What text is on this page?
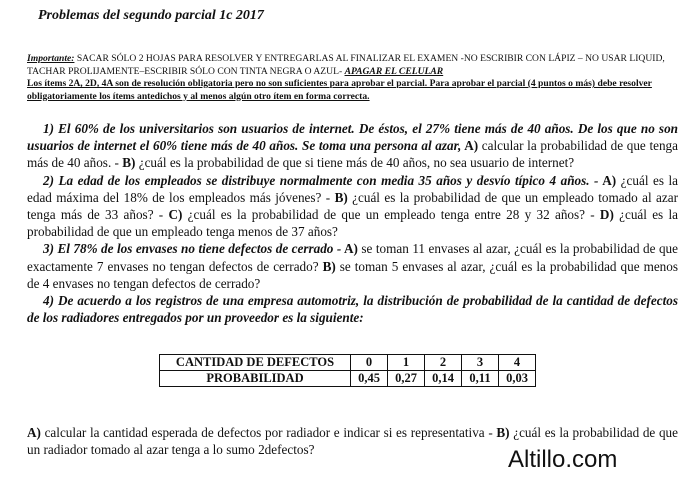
Problemas del segundo parcial 1c 2017
Importante: SACAR SÓLO 2 HOJAS PARA RESOLVER Y ENTREGARLAS AL FINALIZAR EL EXAMEN -NO ESCRIBIR CON LÁPIZ – NO USAR LIQUID, TACHAR PROLIJAMENTE–ESCRIBIR SÓLO CON TINTA NEGRA O AZUL- APAGAR EL CELULAR
Los ítems 2A, 2D, 4A son de resolución obligatoria pero no son suficientes para aprobar el parcial. Para aprobar el parcial (4 puntos o más) debe resolver obligatoriamente los ítems antedichos y al menos algún otro ítem en forma correcta.

1) El 60% de los universitarios son usuarios de internet. De éstos, el 27% tiene más de 40 años. De los que no son usuarios de internet el 60% tiene más de 40 años. Se toma una persona al azar, A) calcular la probabilidad de que tenga más de 40 años. - B) ¿cuál es la probabilidad de que si tiene más de 40 años, no sea usuario de internet?

2) La edad de los empleados se distribuye normalmente con media 35 años y desvío típico 4 años. - A) ¿cuál es la edad máxima del 18% de los empleados más jóvenes? - B) ¿cuál es la probabilidad de que un empleado tomado al azar tenga más de 33 años? - C) ¿cuál es la probabilidad de que un empleado tenga entre 28 y 32 años? - D) ¿cuál es la probabilidad de que un empleado tenga menos de 37 años?

3) El 78% de los envases no tiene defectos de cerrado - A) se toman 11 envases al azar, ¿cuál es la probabilidad de que exactamente 7 envases no tengan defectos de cerrado? B) se toman 5 envases al azar, ¿cuál es la probabilidad que menos de 4 envases no tengan defectos de cerrado?

4) De acuerdo a los registros de una empresa automotriz, la distribución de probabilidad de la cantidad de defectos de los radiadores entregados por un proveedor es la siguiente:

CANTIDAD DE DEFECTOS	0	1	2	3	4
PROBABILIDAD	0,45	0,27	0,14	0,11	0,03

A) calcular la cantidad esperada de defectos por radiador e indicar si es representativa - B) ¿cuál es la probabilidad de que un radiador tomado al azar tenga a lo sumo 2defectos?	Altillo.com
